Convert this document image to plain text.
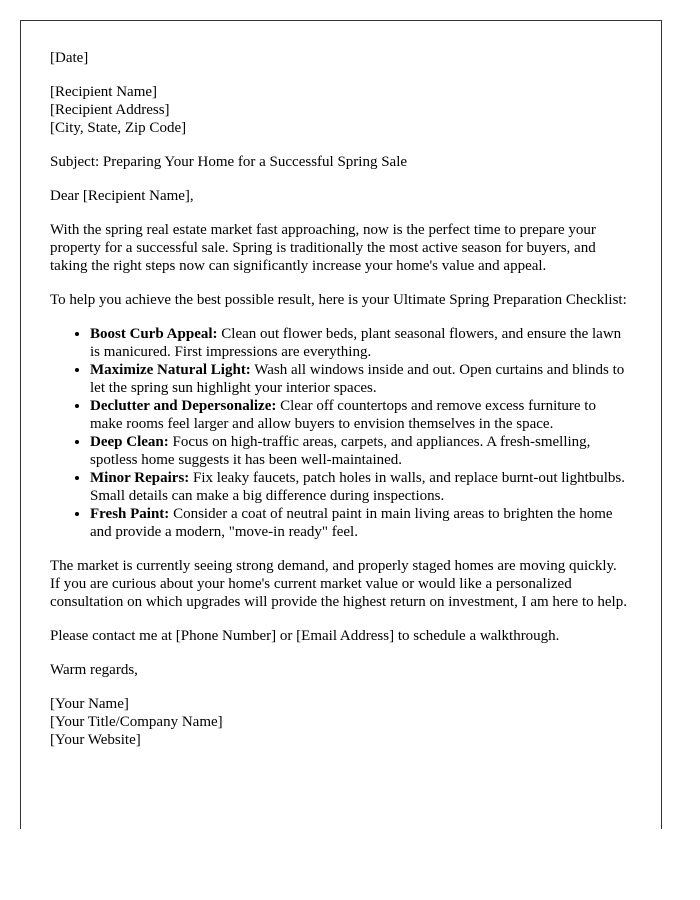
[Date]

[Recipient Name]
[Recipient Address]
[City, State, Zip Code]

Subject: Preparing Your Home for a Successful Spring Sale

Dear [Recipient Name],

With the spring real estate market fast approaching, now is the perfect time to prepare your property for a successful sale. Spring is traditionally the most active season for buyers, and taking the right steps now can significantly increase your home's value and appeal.

To help you achieve the best possible result, here is your Ultimate Spring Preparation Checklist:

• Boost Curb Appeal: Clean out flower beds, plant seasonal flowers, and ensure the lawn is manicured. First impressions are everything.
• Maximize Natural Light: Wash all windows inside and out. Open curtains and blinds to let the spring sun highlight your interior spaces.
• Declutter and Depersonalize: Clear off countertops and remove excess furniture to make rooms feel larger and allow buyers to envision themselves in the space.
• Deep Clean: Focus on high-traffic areas, carpets, and appliances. A fresh-smelling, spotless home suggests it has been well-maintained.
• Minor Repairs: Fix leaky faucets, patch holes in walls, and replace burnt-out lightbulbs. Small details can make a big difference during inspections.
• Fresh Paint: Consider a coat of neutral paint in main living areas to brighten the home and provide a modern, "move-in ready" feel.

The market is currently seeing strong demand, and properly staged homes are moving quickly. If you are curious about your home's current market value or would like a personalized consultation on which upgrades will provide the highest return on investment, I am here to help.

Please contact me at [Phone Number] or [Email Address] to schedule a walkthrough.

Warm regards,

[Your Name]
[Your Title/Company Name]
[Your Website]
